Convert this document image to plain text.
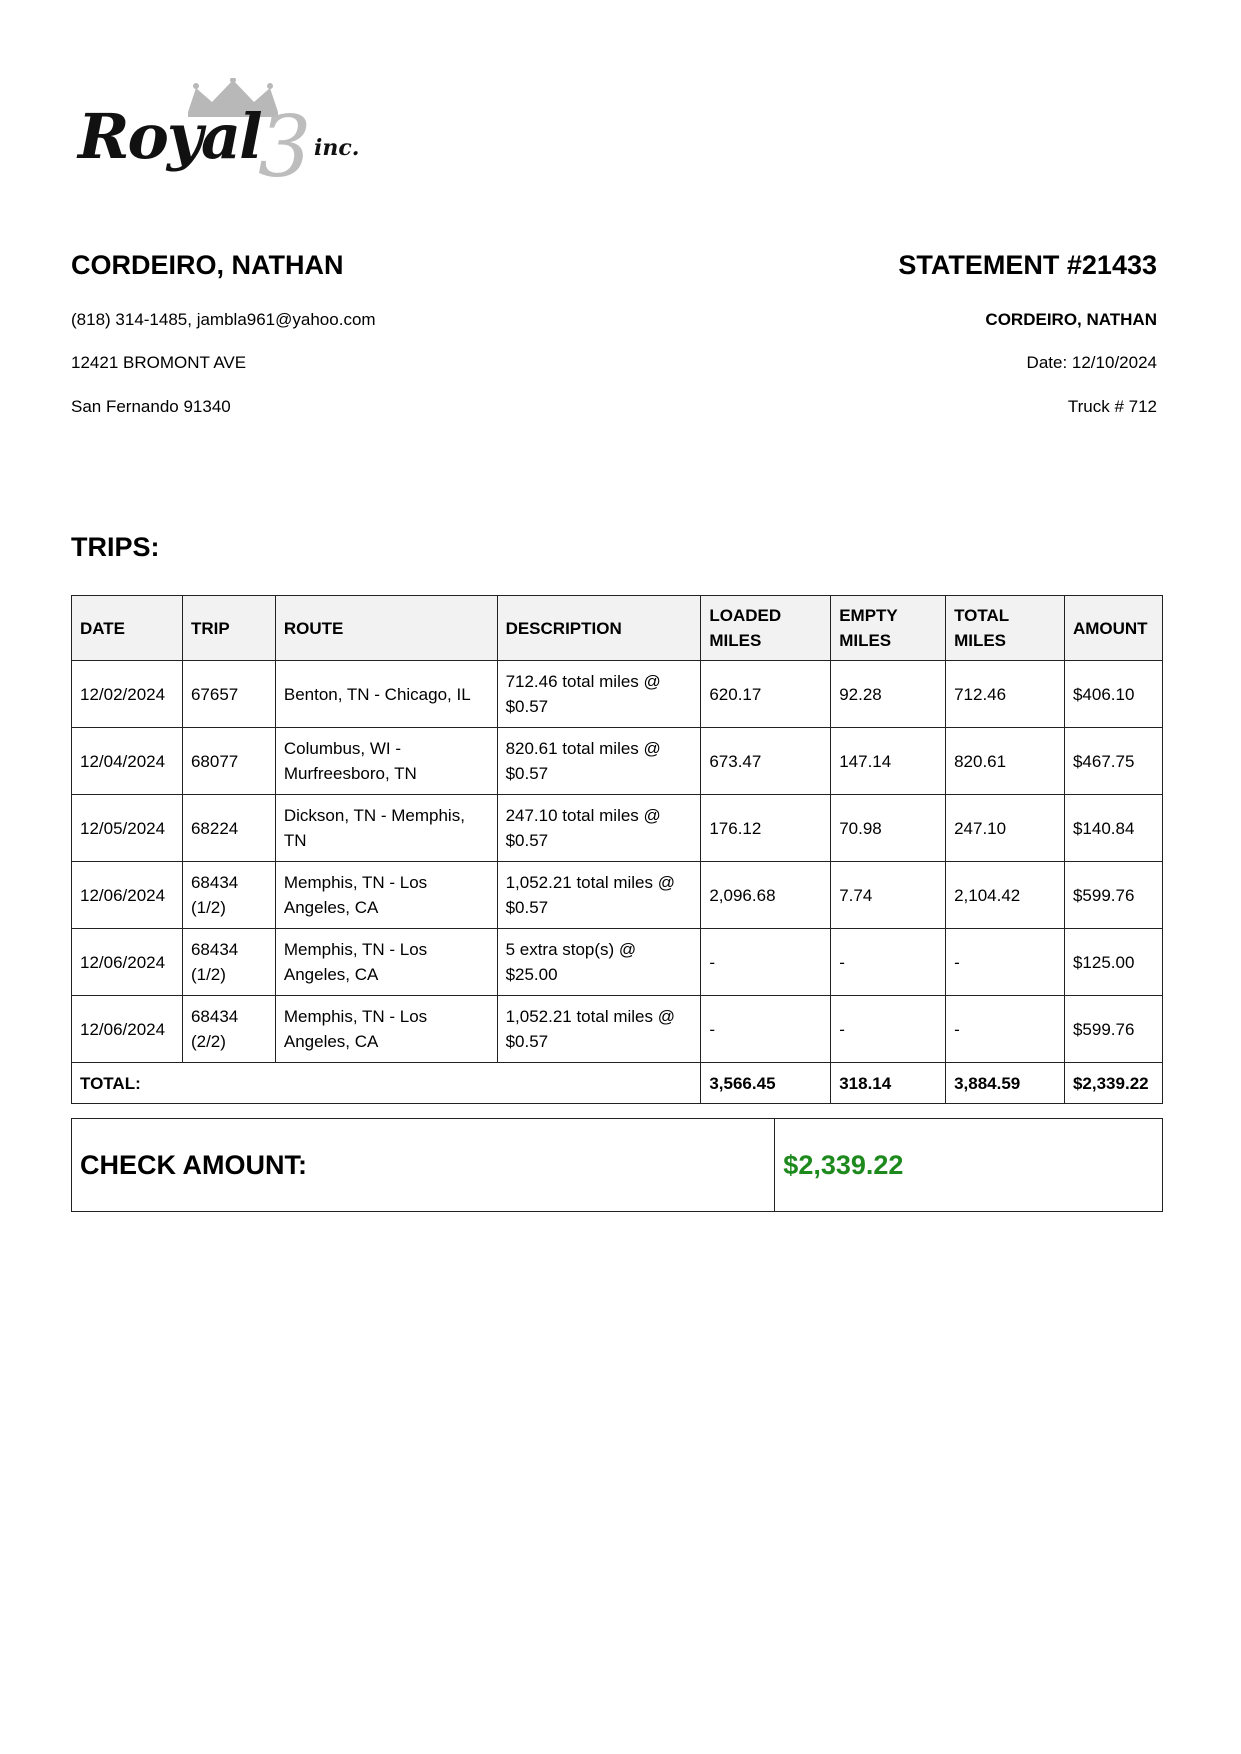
Royal
3 inc.
CORDEIRO, NATHAN
(818) 314-1485, jambla961@yahoo.com
12421 BROMONT AVE
San Fernando 91340
STATEMENT #21433
CORDEIRO, NATHAN
Date: 12/10/2024
Truck # 712
TRIPS:
DATE	TRIP	ROUTE	DESCRIPTION	LOADED MILES	EMPTY MILES	TOTAL MILES	AMOUNT
12/02/2024	67657	Benton, TN - Chicago, IL	712.46 total miles @ $0.57	620.17	92.28	712.46	$406.10
12/04/2024	68077	Columbus, WI - Murfreesboro, TN	820.61 total miles @ $0.57	673.47	147.14	820.61	$467.75
12/05/2024	68224	Dickson, TN - Memphis, TN	247.10 total miles @ $0.57	176.12	70.98	247.10	$140.84
12/06/2024	68434 (1/2)	Memphis, TN - Los Angeles, CA	1,052.21 total miles @ $0.57	2,096.68	7.74	2,104.42	$599.76
12/06/2024	68434 (1/2)	Memphis, TN - Los Angeles, CA	5 extra stop(s) @ $25.00	-	-	-	$125.00
12/06/2024	68434 (2/2)	Memphis, TN - Los Angeles, CA	1,052.21 total miles @ $0.57	-	-	-	$599.76
TOTAL:				3,566.45	318.14	3,884.59	$2,339.22
CHECK AMOUNT:	$2,339.22
